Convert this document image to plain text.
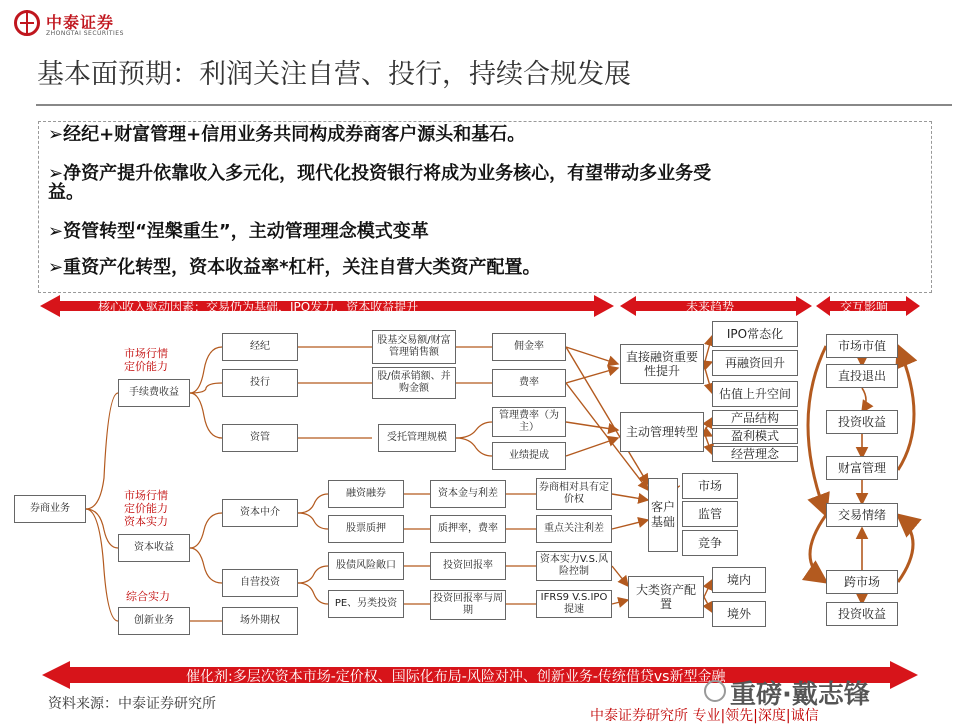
中泰证券
ZHONGTAI SECURITIES
基本面预期：利润关注自营、投行，持续合规发展
➢经纪+财富管理+信用业务共同构成券商客户源头和基石。
➢净资产提升依靠收入多元化，现代化投资银行将成为业务核心，有望带动多业务受
益。
➢资管转型“涅槃重生”，主动管理理念模式变革
➢重资产化转型，资本收益率*杠杆，关注自营大类资产配置。
核心收入驱动因素：交易仍为基础，IPO发力，资本收益提升	未来趋势	交互影响
催化剂:多层次资本市场-定价权、国际化布局-风险对冲、创新业务-传统借贷vs新型金融
市场行情
定价能力
市场行情
定价能力
资本实力
综合实力
券商业务
手续费收益
资本收益
创新业务
经纪
投行
资管
资本中介
自营投资
场外期权
股基交易额/财富管理销售额
股/债承销额、并购金额
受托管理规模
融资融券
股票质押
股债风险敞口
PE、另类投资
佣金率
费率
管理费率（为主）
业绩提成
资本金与利差
质押率，费率
投资回报率
投资回报率与周期
券商相对具有定价权
重点关注利差
资本实力V.S.风险控制
IFRS9 V.S.IPO提速
直接融资重要性提升
主动管理转型
客户基础
大类资产配置
IPO常态化
再融资回升
估值上升空间
产品结构
盈利模式
经营理念
市场
监管
竞争
境内
境外
市场市值
直投退出
投资收益
财富管理
交易情绪
跨市场
投资收益
资料来源：中泰证券研究所	重磅·戴志锋
中泰证券研究所 专业|领先|深度|诚信
